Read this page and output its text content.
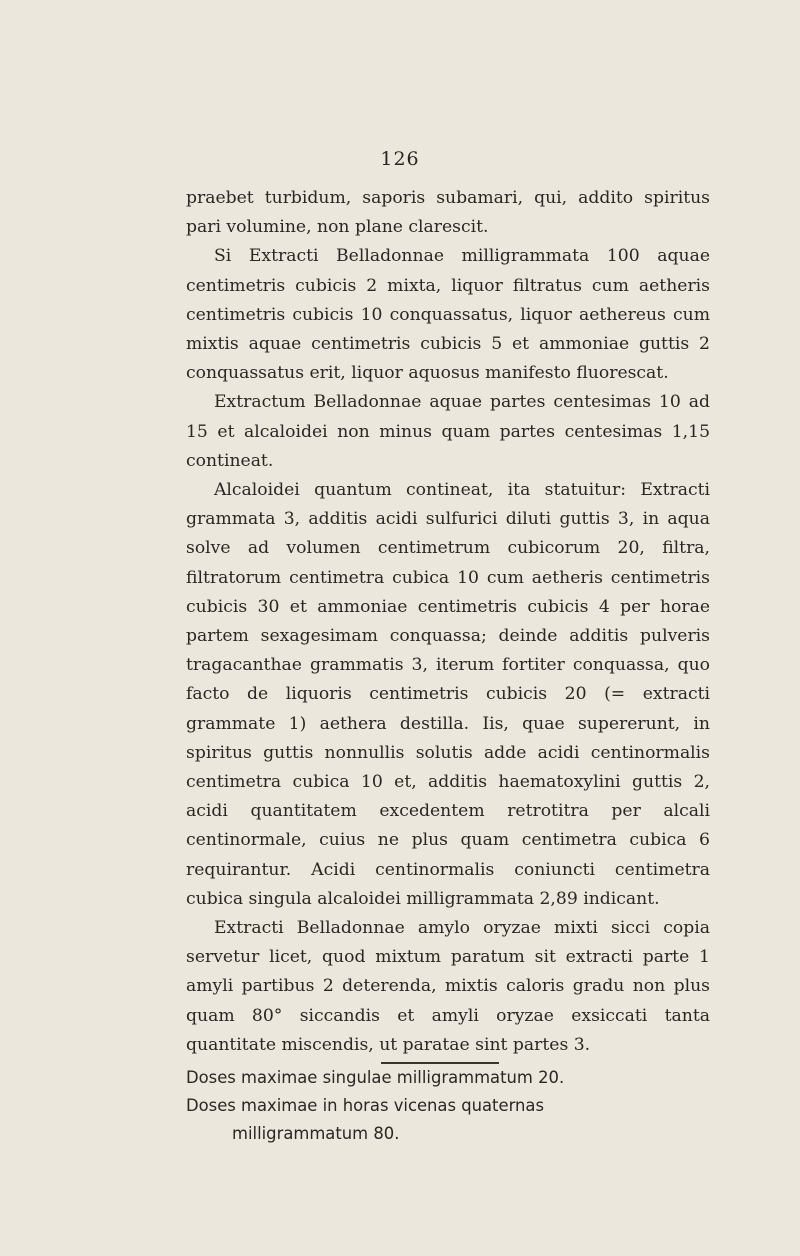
126

praebet turbidum, saporis subamari, qui, addito spiritus pari volumine, non plane clarescit.

Si Extracti Belladonnae milligrammata 100 aquae centimetris cubicis 2 mixta, liquor filtratus cum aetheris centimetris cubicis 10 conquassatus, liquor aethereus cum mixtis aquae centimetris cubicis 5 et ammoniae guttis 2 conquassatus erit, liquor aquosus manifesto fluorescat.

Extractum Belladonnae aquae partes centesimas 10 ad 15 et alcaloidei non minus quam partes centesimas 1,15 contineat.

Alcaloidei quantum contineat, ita statuitur: Extracti grammata 3, additis acidi sulfurici diluti guttis 3, in aqua solve ad volumen centimetrum cubicorum 20, filtra, filtratorum centimetra cubica 10 cum aetheris centimetris cubicis 30 et ammoniae centimetris cubicis 4 per horae partem sexagesimam conquassa; deinde additis pulveris tragacanthae grammatis 3, iterum fortiter conquassa, quo facto de liquoris centimetris cubicis 20 (= extracti grammate 1) aethera destilla. Iis, quae supererunt, in spiritus guttis nonnullis solutis adde acidi centinormalis centimetra cubica 10 et, additis haematoxylini guttis 2, acidi quantitatem excedentem retrotitra per alcali centinormale, cuius ne plus quam centimetra cubica 6 requirantur. Acidi centinormalis coniuncti centimetra cubica singula alcaloidei milligrammata 2,89 indicant.

Extracti Belladonnae amylo oryzae mixti sicci copia servetur licet, quod mixtum paratum sit extracti parte 1 amyli partibus 2 deterenda, mixtis caloris gradu non plus quam 80° siccandis et amyli oryzae exsiccati tanta quantitate miscendis, ut paratae sint partes 3.

Doses maximae singulae milligrammatum 20.

Doses maximae in horas vicenas quaternas

milligrammatum 80.
